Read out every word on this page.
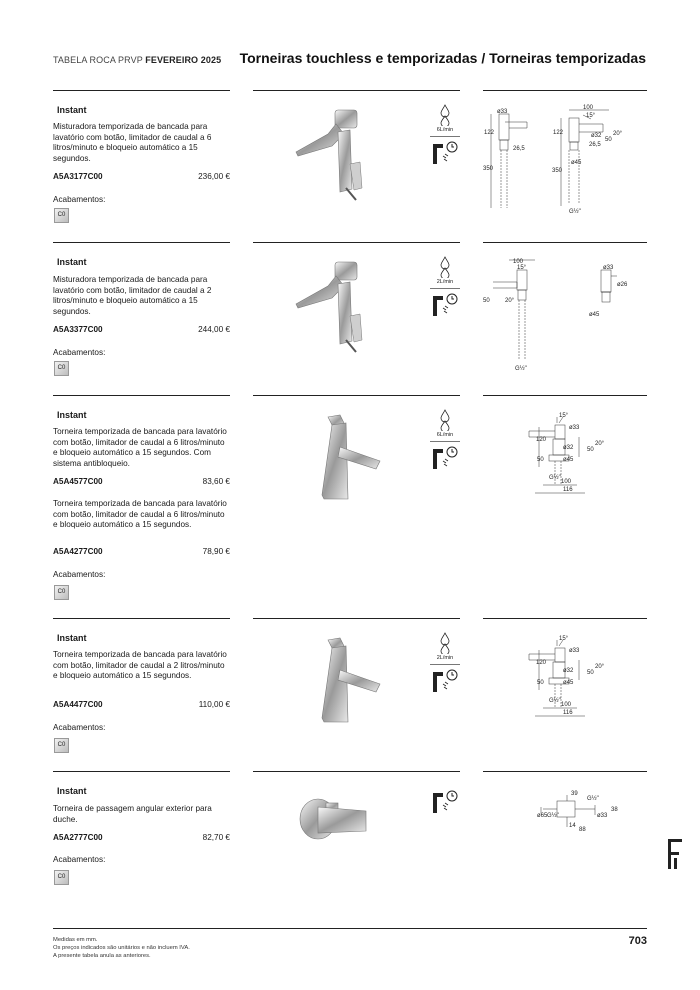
TABELA ROCA PRVP FEVEREIRO 2025 Torneiras touchless e temporizadas / Torneiras temporizadas
Instant
Misturadora temporizada de bancada para lavatório com botão, limitador de caudal a 6 litros/minuto e bloqueio automático a 15 segundos.
A5A3177C00	236,00 €
Acabamentos:
C0
6L/min
ø33
100
15°
122	122
26,5
ø32
50
20°
26,5
350
ø45
350
G½"
Instant
Misturadora temporizada de bancada para lavatório com botão, limitador de caudal a 2 litros/minuto e bloqueio automático a 15 segundos.
A5A3377C00	244,00 €
Acabamentos:
C0
2L/min
100
15°	ø33
ø26
50	20°
ø45
G½"
Instant
Torneira temporizada de bancada para lavatório com botão, limitador de caudal a 6 litros/minuto e bloqueio automático a 15 segundos. Com sistema antibloqueio.
A5A4577C00	83,60 €
Torneira temporizada de bancada para lavatório com botão, limitador de caudal a 6 litros/minuto e bloqueio automático a 15 segundos.
A5A4277C00	78,90 €
Acabamentos:
C0
6L/min
15°
ø33
120
ø32
20°
50
50	ø45
G½"
100
116
Instant
Torneira temporizada de bancada para lavatório com botão, limitador de caudal a 2 litros/minuto e bloqueio automático a 15 segundos.
A5A4477C00	110,00 €
Acabamentos:
C0
2L/min
15°
ø33
120
ø32
20°
50
50	ø45
G½"
100
116
Instant
Torneira de passagem angular exterior para duche.
A5A2777C00	82,70 €
Acabamentos:
C0
39
G½"
ø65 G½"	ø33
38
88
14
Medidas em mm.
Os preços indicados são unitários e não incluem IVA.
A presente tabela anula as anteriores.
703
